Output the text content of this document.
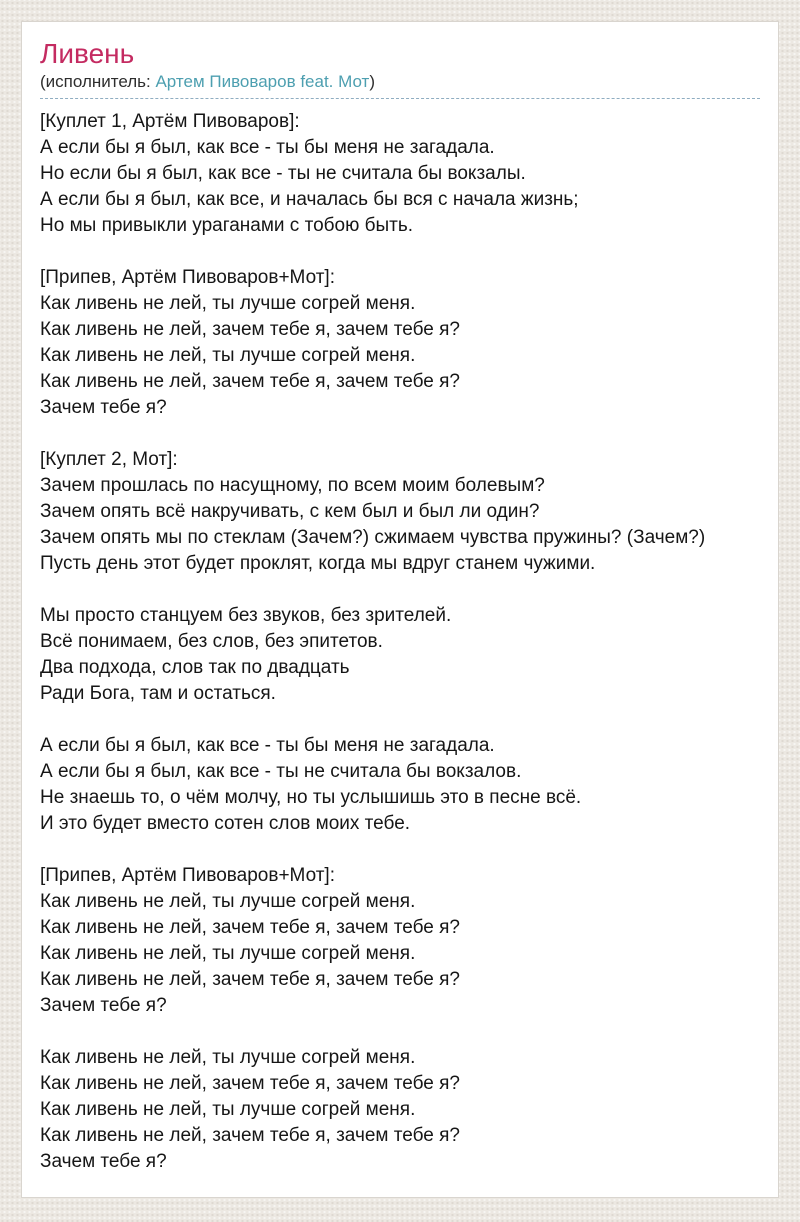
Ливень
(исполнитель: Артем Пивоваров feat. Мот)
[Куплет 1, Артём Пивоваров]:
А если бы я был, как все - ты бы меня не загадала.
Но если бы я был, как все - ты не считала бы вокзалы.
А если бы я был, как все, и началась бы вся с начала жизнь;
Но мы привыкли ураганами с тобою быть.
[Припев, Артём Пивоваров+Мот]:
Как ливень не лей, ты лучше согрей меня.
Как ливень не лей, зачем тебе я, зачем тебе я?
Как ливень не лей, ты лучше согрей меня.
Как ливень не лей, зачем тебе я, зачем тебе я?
Зачем тебе я?
[Куплет 2, Мот]:
Зачем прошлась по насущному, по всем моим болевым?
Зачем опять всё накручивать, с кем был и был ли один?
Зачем опять мы по стеклам (Зачем?) сжимаем чувства пружины? (Зачем?)
Пусть день этот будет проклят, когда мы вдруг станем чужими.
Мы просто станцуем без звуков, без зрителей.
Всё понимаем, без слов, без эпитетов.
Два подхода, слов так по двадцать
Ради Бога, там и остаться.
А если бы я был, как все - ты бы меня не загадала.
А если бы я был, как все - ты не считала бы вокзалов.
Не знаешь то, о чём молчу, но ты услышишь это в песне всё.
И это будет вместо сотен слов моих тебе.
[Припев, Артём Пивоваров+Мот]:
Как ливень не лей, ты лучше согрей меня.
Как ливень не лей, зачем тебе я, зачем тебе я?
Как ливень не лей, ты лучше согрей меня.
Как ливень не лей, зачем тебе я, зачем тебе я?
Зачем тебе я?
Как ливень не лей, ты лучше согрей меня.
Как ливень не лей, зачем тебе я, зачем тебе я?
Как ливень не лей, ты лучше согрей меня.
Как ливень не лей, зачем тебе я, зачем тебе я?
Зачем тебе я?
